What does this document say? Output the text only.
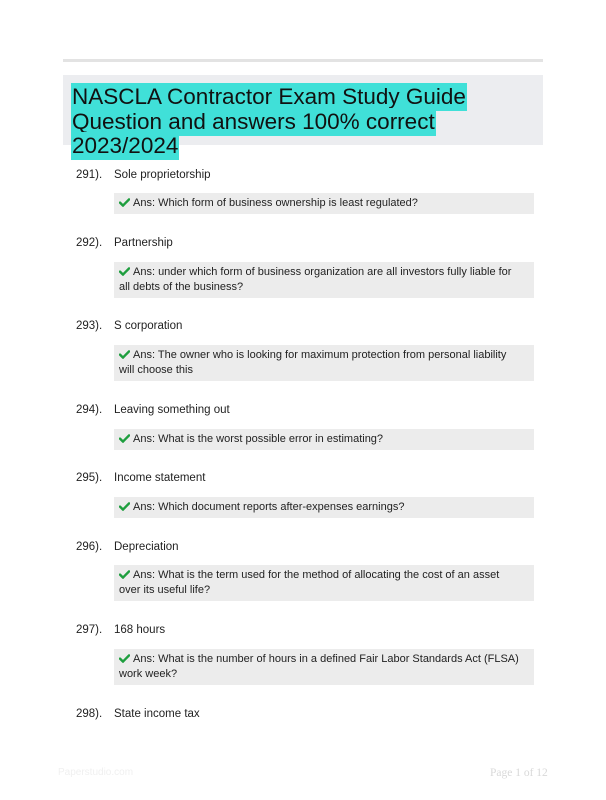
NASCLA Contractor Exam Study Guide Question and answers 100% correct 2023/2024
291). Sole proprietorship
Ans: Which form of business ownership is least regulated?
292). Partnership
Ans: under which form of business organization are all investors fully liable for all debts of the business?
293). S corporation
Ans: The owner who is looking for maximum protection from personal liability will choose this
294). Leaving something out
Ans: What is the worst possible error in estimating?
295). Income statement
Ans: Which document reports after-expenses earnings?
296). Depreciation
Ans: What is the term used for the method of allocating the cost of an asset over its useful life?
297). 168 hours
Ans: What is the number of hours in a defined Fair Labor Standards Act (FLSA) work week?
298). State income tax
Paperstudio.com	Page 1 of 12
